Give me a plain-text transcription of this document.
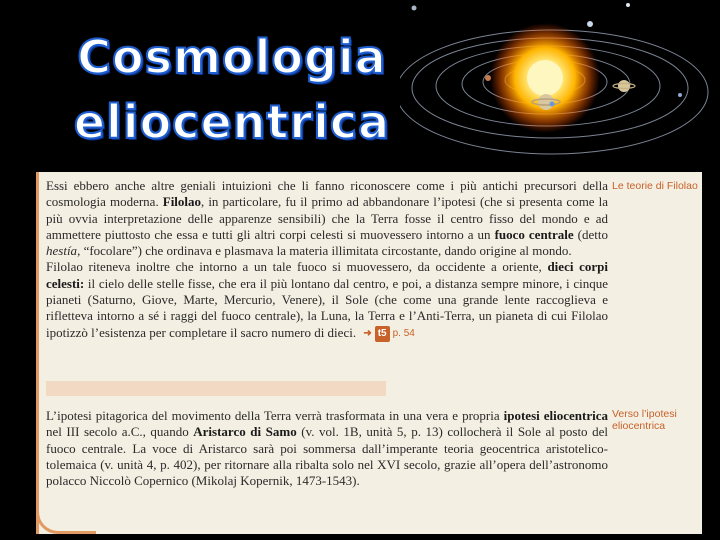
Cosmologia
eliocentrica
Essi ebbero anche altre geniali intuizioni che li fanno riconoscere come i più antichi precursori della cosmologia moderna. Filolao, in particolare, fu il primo ad abbandonare l’ipotesi (che si presenta come la più ovvia interpretazione delle apparenze sensibili) che la Terra fosse il centro fisso del mondo e ad ammettere piuttosto che essa e tutti gli altri corpi celesti si muovessero intorno a un fuoco centrale (detto hestía, “focolare”) che ordinava e plasmava la materia illimitata circostante, dando origine al mondo.
Filolao riteneva inoltre che intorno a un tale fuoco si muovessero, da occidente a oriente, dieci corpi celesti: il cielo delle stelle fisse, che era il più lontano dal centro, e poi, a distanza sempre minore, i cinque pianeti (Saturno, Giove, Marte, Mercurio, Venere), il Sole (che come una grande lente raccoglieva e rifletteva intorno a sé i raggi del fuoco centrale), la Luna, la Terra e l’Anti-Terra, un pianeta di cui Filolao ipotizzò l’esistenza per completare il sacro numero di dieci. ➜ t5 p. 54
L’ipotesi pitagorica del movimento della Terra verrà trasformata in una vera e propria ipotesi eliocentrica nel III secolo a.C., quando Aristarco di Samo (v. vol. 1B, unità 5, p. 13) collocherà il Sole al posto del fuoco centrale. La voce di Aristarco sarà poi sommersa dall’imperante teoria geocentrica aristotelico-tolemaica (v. unità 4, p. 402), per ritornare alla ribalta solo nel XVI secolo, grazie all’opera dell’astronomo polacco Niccolò Copernico (Mikolaj Kopernik, 1473-1543).
Le teorie di Filolao
Verso l’ipotesi eliocentrica
